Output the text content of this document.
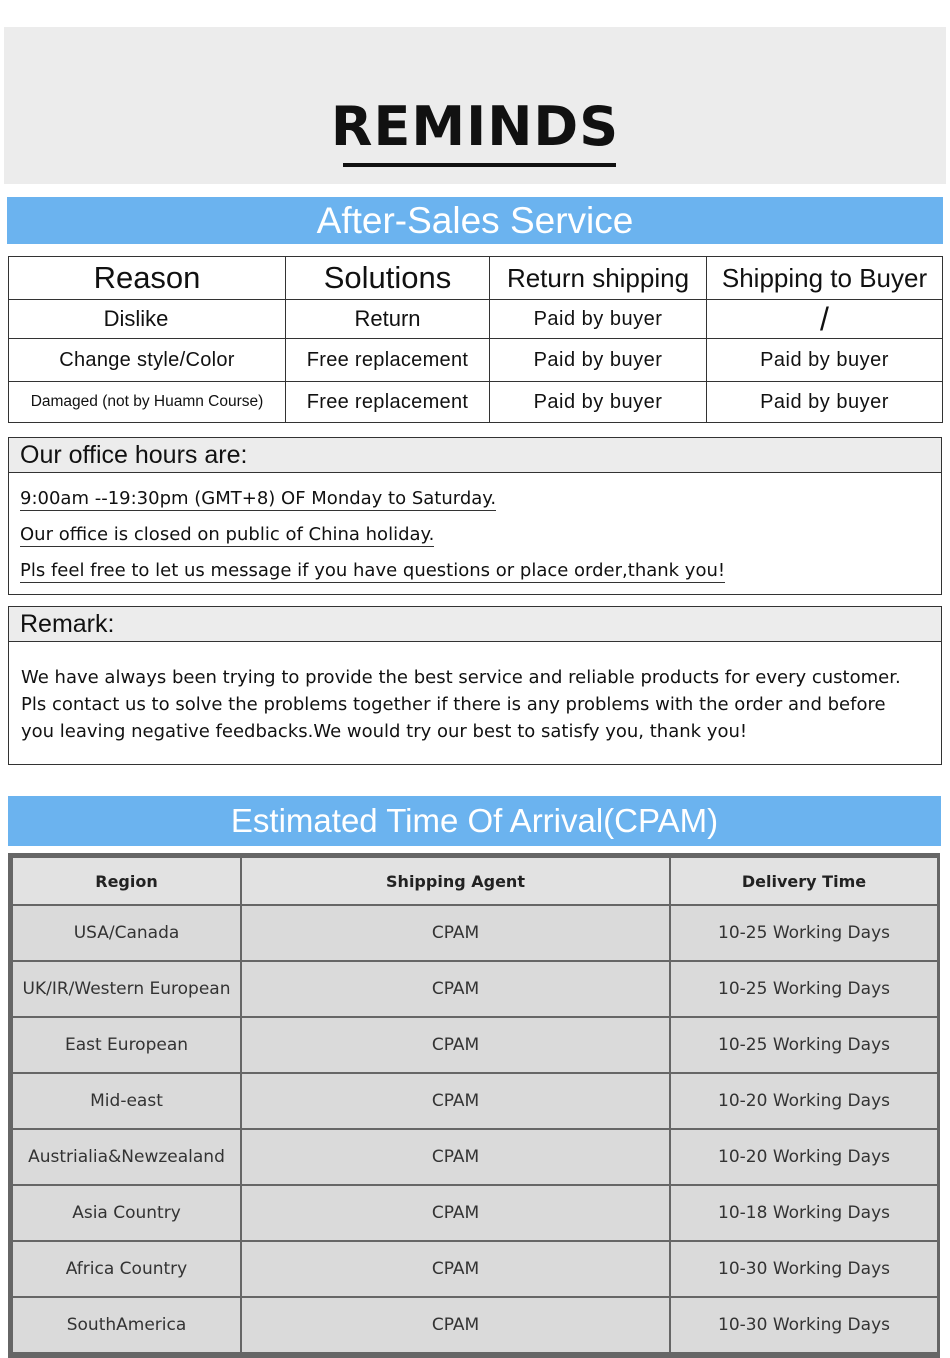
REMINDS
After-Sales Service
Reason	Solutions	Return shipping	Shipping to Buyer
Dislike	Return	Paid by buyer	/
Change style/Color	Free replacement	Paid by buyer	Paid by buyer
Damaged (not by Huamn Course)	Free replacement	Paid by buyer	Paid by buyer
Our office hours are:
9:00am --19:30pm (GMT+8) OF Monday to Saturday.
Our office is closed on public of China holiday.
Pls feel free to let us message if you have questions or place order,thank you!
Remark:
We have always been trying to provide the best service and reliable products for every customer.
Pls contact us to solve the problems together if there is any problems with the order and before
you leaving negative feedbacks.We would try our best to satisfy you, thank you!
Estimated Time Of Arrival(CPAM)
Region	Shipping Agent	Delivery Time
USA/Canada	CPAM	10-25 Working Days
UK/IR/Western European	CPAM	10-25 Working Days
East European	CPAM	10-25 Working Days
Mid-east	CPAM	10-20 Working Days
Austrialia&Newzealand	CPAM	10-20 Working Days
Asia Country	CPAM	10-18 Working Days
Africa Country	CPAM	10-30 Working Days
SouthAmerica	CPAM	10-30 Working Days
